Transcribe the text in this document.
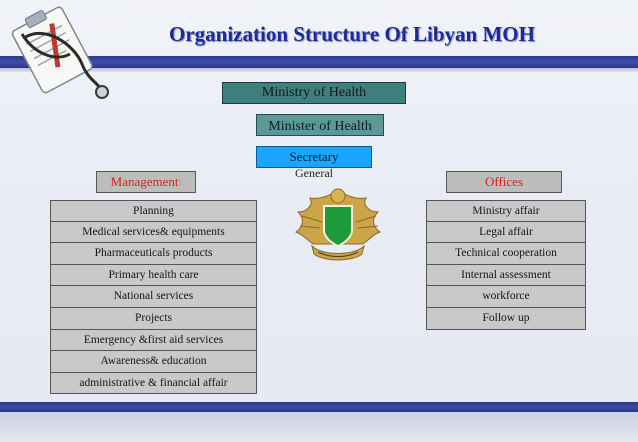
Organization Structure Of Libyan MOH
Ministry of Health
Minister of Health
Secretary
General
Management\	Offices
Planning
Medical services& equipments
Pharmaceuticals products
Primary health care
National services
Projects
Emergency &first aid services
Awareness& education
administrative & financial affair
Ministry affair
Legal affair
Technical cooperation
Internal assessment
workforce
Follow up
